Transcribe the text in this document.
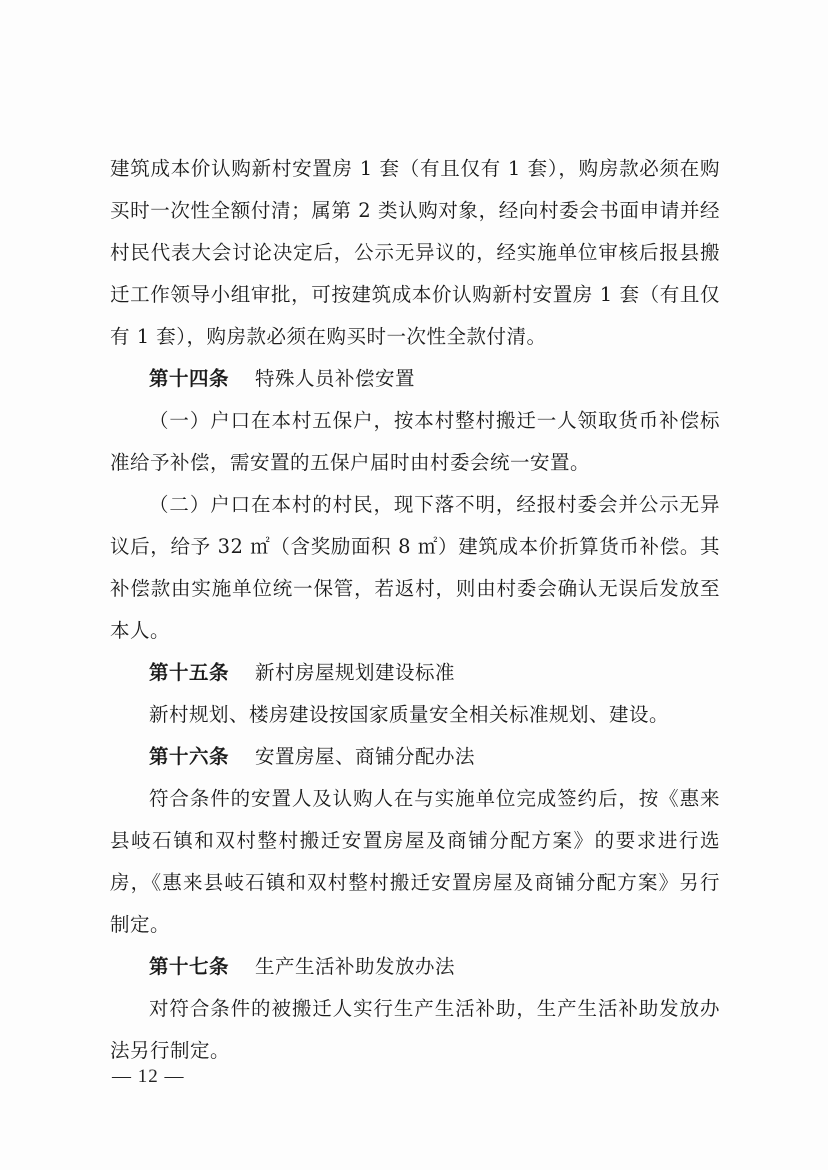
建筑成本价认购新村安置房 1 套（有且仅有 1 套），购房款必须在购买时一次性全额付清；属第 2 类认购对象，经向村委会书面申请并经村民代表大会讨论决定后，公示无异议的，经实施单位审核后报县搬迁工作领导小组审批，可按建筑成本价认购新村安置房 1 套（有且仅有 1 套），购房款必须在购买时一次性全款付清。

第十四条 特殊人员补偿安置

（一）户口在本村五保户，按本村整村搬迁一人领取货币补偿标准给予补偿，需安置的五保户届时由村委会统一安置。

（二）户口在本村的村民，现下落不明，经报村委会并公示无异议后，给予 32 ㎡（含奖励面积 8 ㎡）建筑成本价折算货币补偿。其补偿款由实施单位统一保管，若返村，则由村委会确认无误后发放至本人。

第十五条 新村房屋规划建设标准

新村规划、楼房建设按国家质量安全相关标准规划、建设。

第十六条 安置房屋、商铺分配办法

符合条件的安置人及认购人在与实施单位完成签约后，按《惠来县岐石镇和双村整村搬迁安置房屋及商铺分配方案》的要求进行选房，《惠来县岐石镇和双村整村搬迁安置房屋及商铺分配方案》另行制定。

第十七条 生产生活补助发放办法

对符合条件的被搬迁人实行生产生活补助，生产生活补助发放办法另行制定。

— 12 —
